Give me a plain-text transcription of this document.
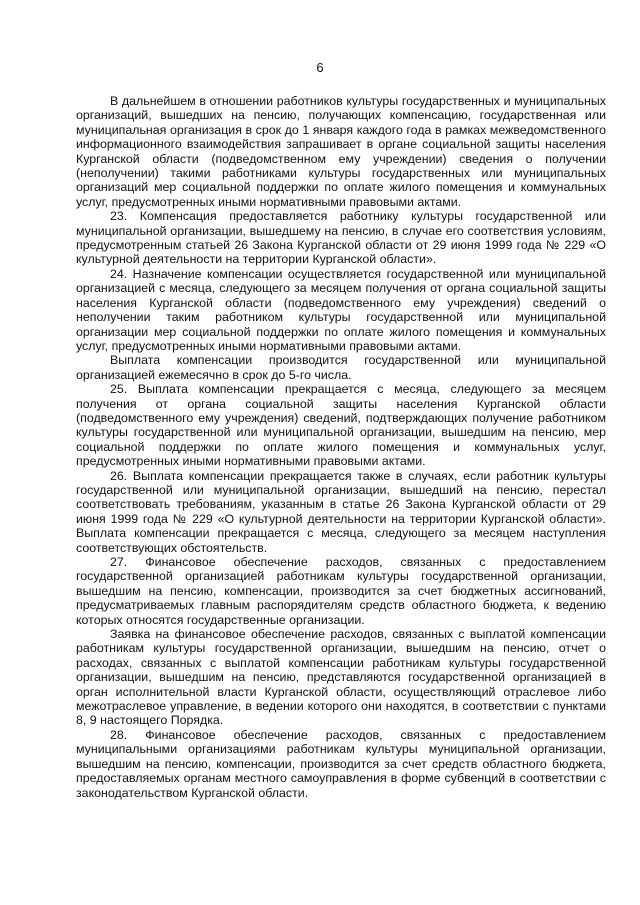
6

В дальнейшем в отношении работников культуры государственных и муниципальных организаций, вышедших на пенсию, получающих компенсацию, государственная или муниципальная организация в срок до 1 января каждого года в рамках межведомственного информационного взаимодействия запрашивает в органе социальной защиты населения Курганской области (подведомственном ему учреждении) сведения о получении (неполучении) такими работниками культуры государственных или муниципальных организаций мер социальной поддержки по оплате жилого помещения и коммунальных услуг, предусмотренных иными нормативными правовыми актами.

23. Компенсация предоставляется работнику культуры государственной или муниципальной организации, вышедшему на пенсию, в случае его соответствия условиям, предусмотренным статьей 26 Закона Курганской области от 29 июня 1999 года № 229 «О культурной деятельности на территории Курганской области».

24. Назначение компенсации осуществляется государственной или муниципальной организацией с месяца, следующего за месяцем получения от органа социальной защиты населения Курганской области (подведомственного ему учреждения) сведений о неполучении таким работником культуры государственной или муниципальной организации мер социальной поддержки по оплате жилого помещения и коммунальных услуг, предусмотренных иными нормативными правовыми актами.

Выплата компенсации производится государственной или муниципальной организацией ежемесячно в срок до 5-го числа.

25. Выплата компенсации прекращается с месяца, следующего за месяцем получения от органа социальной защиты населения Курганской области (подведомственного ему учреждения) сведений, подтверждающих получение работником культуры государственной или муниципальной организации, вышедшим на пенсию, мер социальной поддержки по оплате жилого помещения и коммунальных услуг, предусмотренных иными нормативными правовыми актами.

26. Выплата компенсации прекращается также в случаях, если работник культуры государственной или муниципальной организации, вышедший на пенсию, перестал соответствовать требованиям, указанным в статье 26 Закона Курганской области от 29 июня 1999 года № 229 «О культурной деятельности на территории Курганской области». Выплата компенсации прекращается с месяца, следующего за месяцем наступления соответствующих обстоятельств.

27. Финансовое обеспечение расходов, связанных с предоставлением государственной организацией работникам культуры государственной организации, вышедшим на пенсию, компенсации, производится за счет бюджетных ассигнований, предусматриваемых главным распорядителям средств областного бюджета, к ведению которых относятся государственные организации.

Заявка на финансовое обеспечение расходов, связанных с выплатой компенсации работникам культуры государственной организации, вышедшим на пенсию, отчет о расходах, связанных с выплатой компенсации работникам культуры государственной организации, вышедшим на пенсию, представляются государственной организацией в орган исполнительной власти Курганской области, осуществляющий отраслевое либо межотраслевое управление, в ведении которого они находятся, в соответствии с пунктами 8, 9 настоящего Порядка.

28. Финансовое обеспечение расходов, связанных с предоставлением муниципальными организациями работникам культуры муниципальной организации, вышедшим на пенсию, компенсации, производится за счет средств областного бюджета, предоставляемых органам местного самоуправления в форме субвенций в соответствии с законодательством Курганской области.
